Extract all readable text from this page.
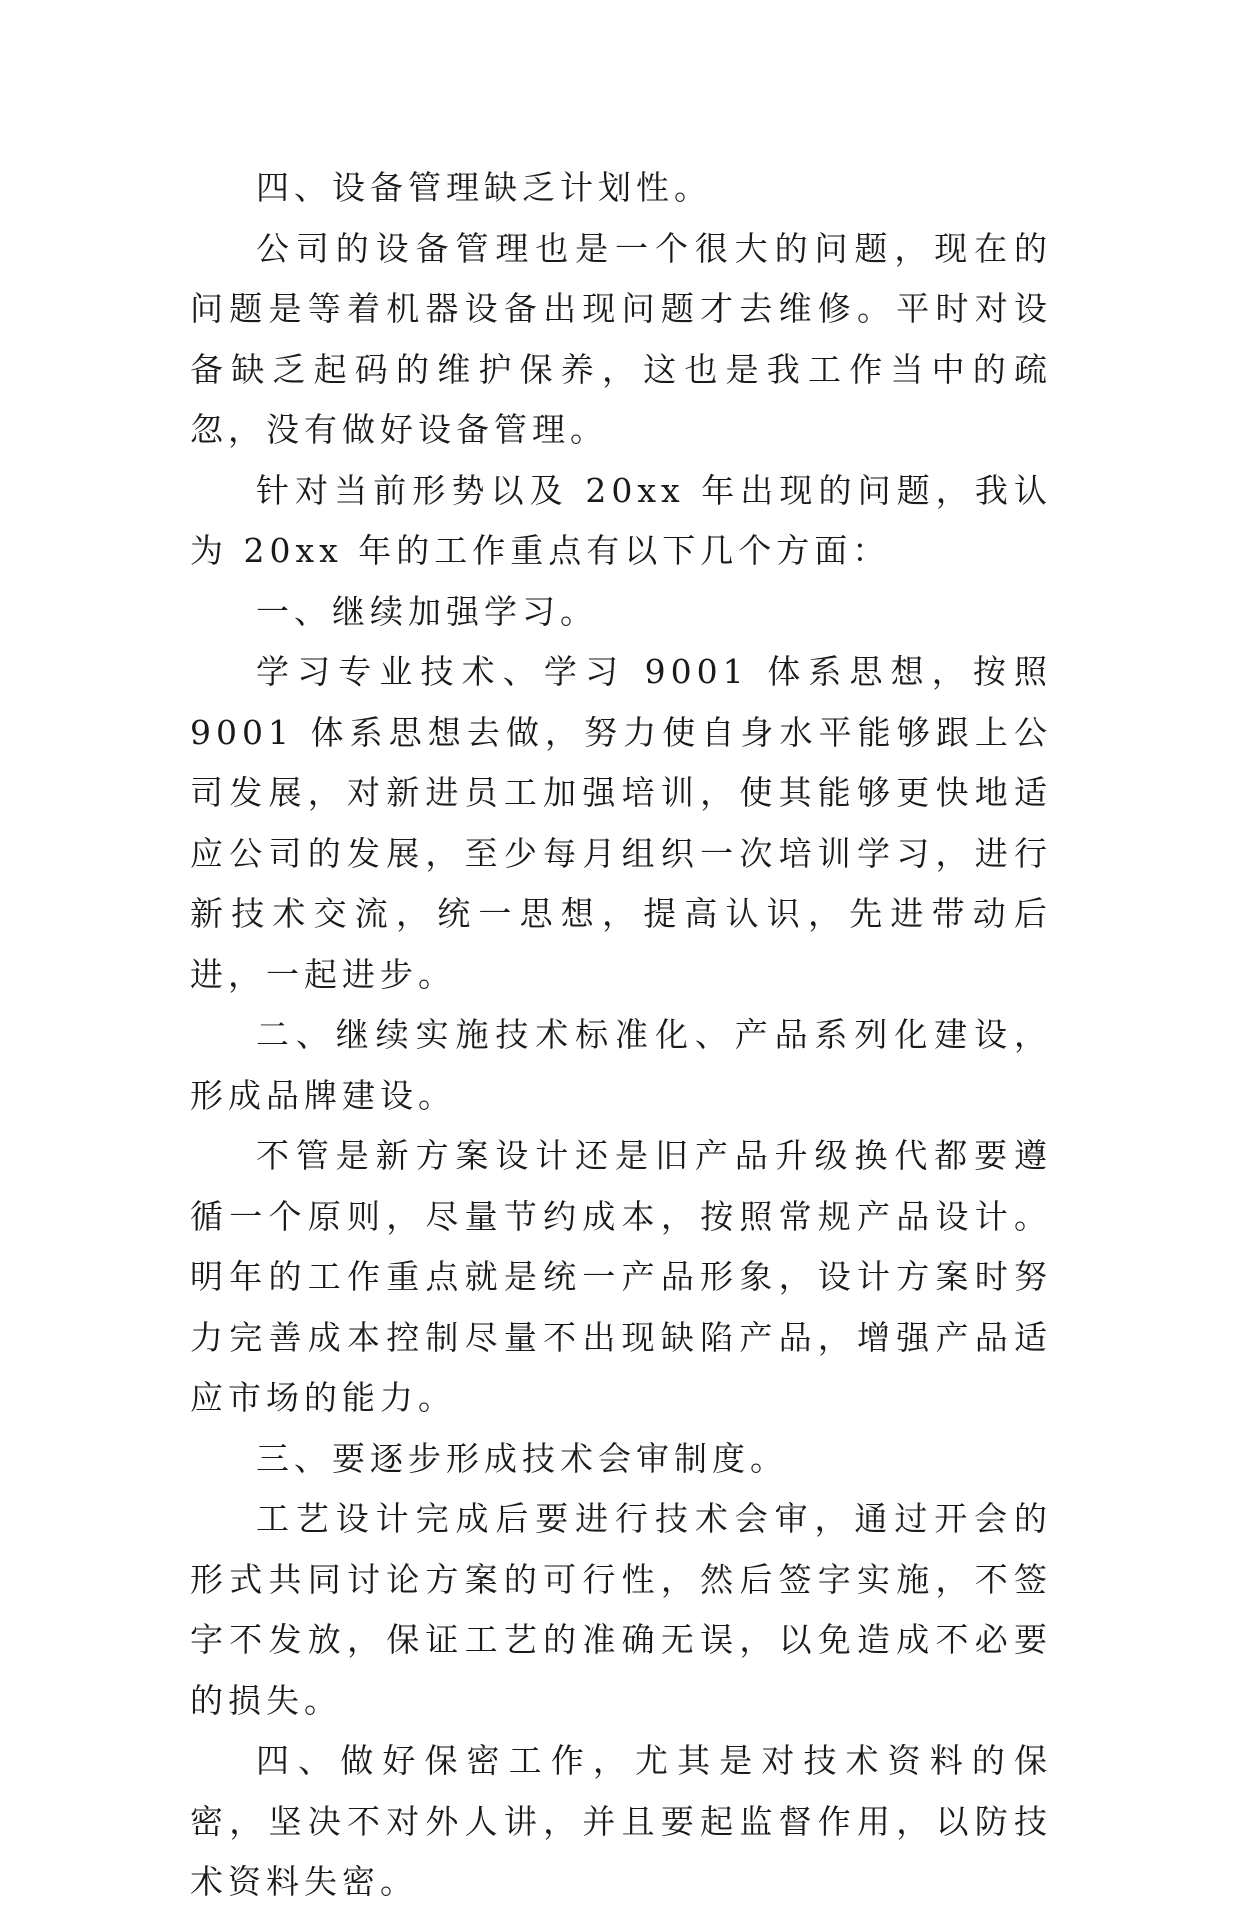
四、设备管理缺乏计划性。

公司的设备管理也是一个很大的问题，现在的问题是等着机器设备出现问题才去维修。平时对设备缺乏起码的维护保养，这也是我工作当中的疏忽，没有做好设备管理。

针对当前形势以及 20xx 年出现的问题，我认为 20xx 年的工作重点有以下几个方面：

一、继续加强学习。

学习专业技术、学习 9001 体系思想，按照 9001 体系思想去做，努力使自身水平能够跟上公司发展，对新进员工加强培训，使其能够更快地适应公司的发展，至少每月组织一次培训学习，进行新技术交流，统一思想，提高认识，先进带动后进，一起进步。

二、继续实施技术标准化、产品系列化建设，形成品牌建设。

不管是新方案设计还是旧产品升级换代都要遵循一个原则，尽量节约成本，按照常规产品设计。明年的工作重点就是统一产品形象，设计方案时努力完善成本控制尽量不出现缺陷产品，增强产品适应市场的能力。

三、要逐步形成技术会审制度。

工艺设计完成后要进行技术会审，通过开会的形式共同讨论方案的可行性，然后签字实施，不签字不发放，保证工艺的准确无误，以免造成不必要的损失。

四、做好保密工作，尤其是对技术资料的保密，坚决不对外人讲，并且要起监督作用，以防技术资料失密。
